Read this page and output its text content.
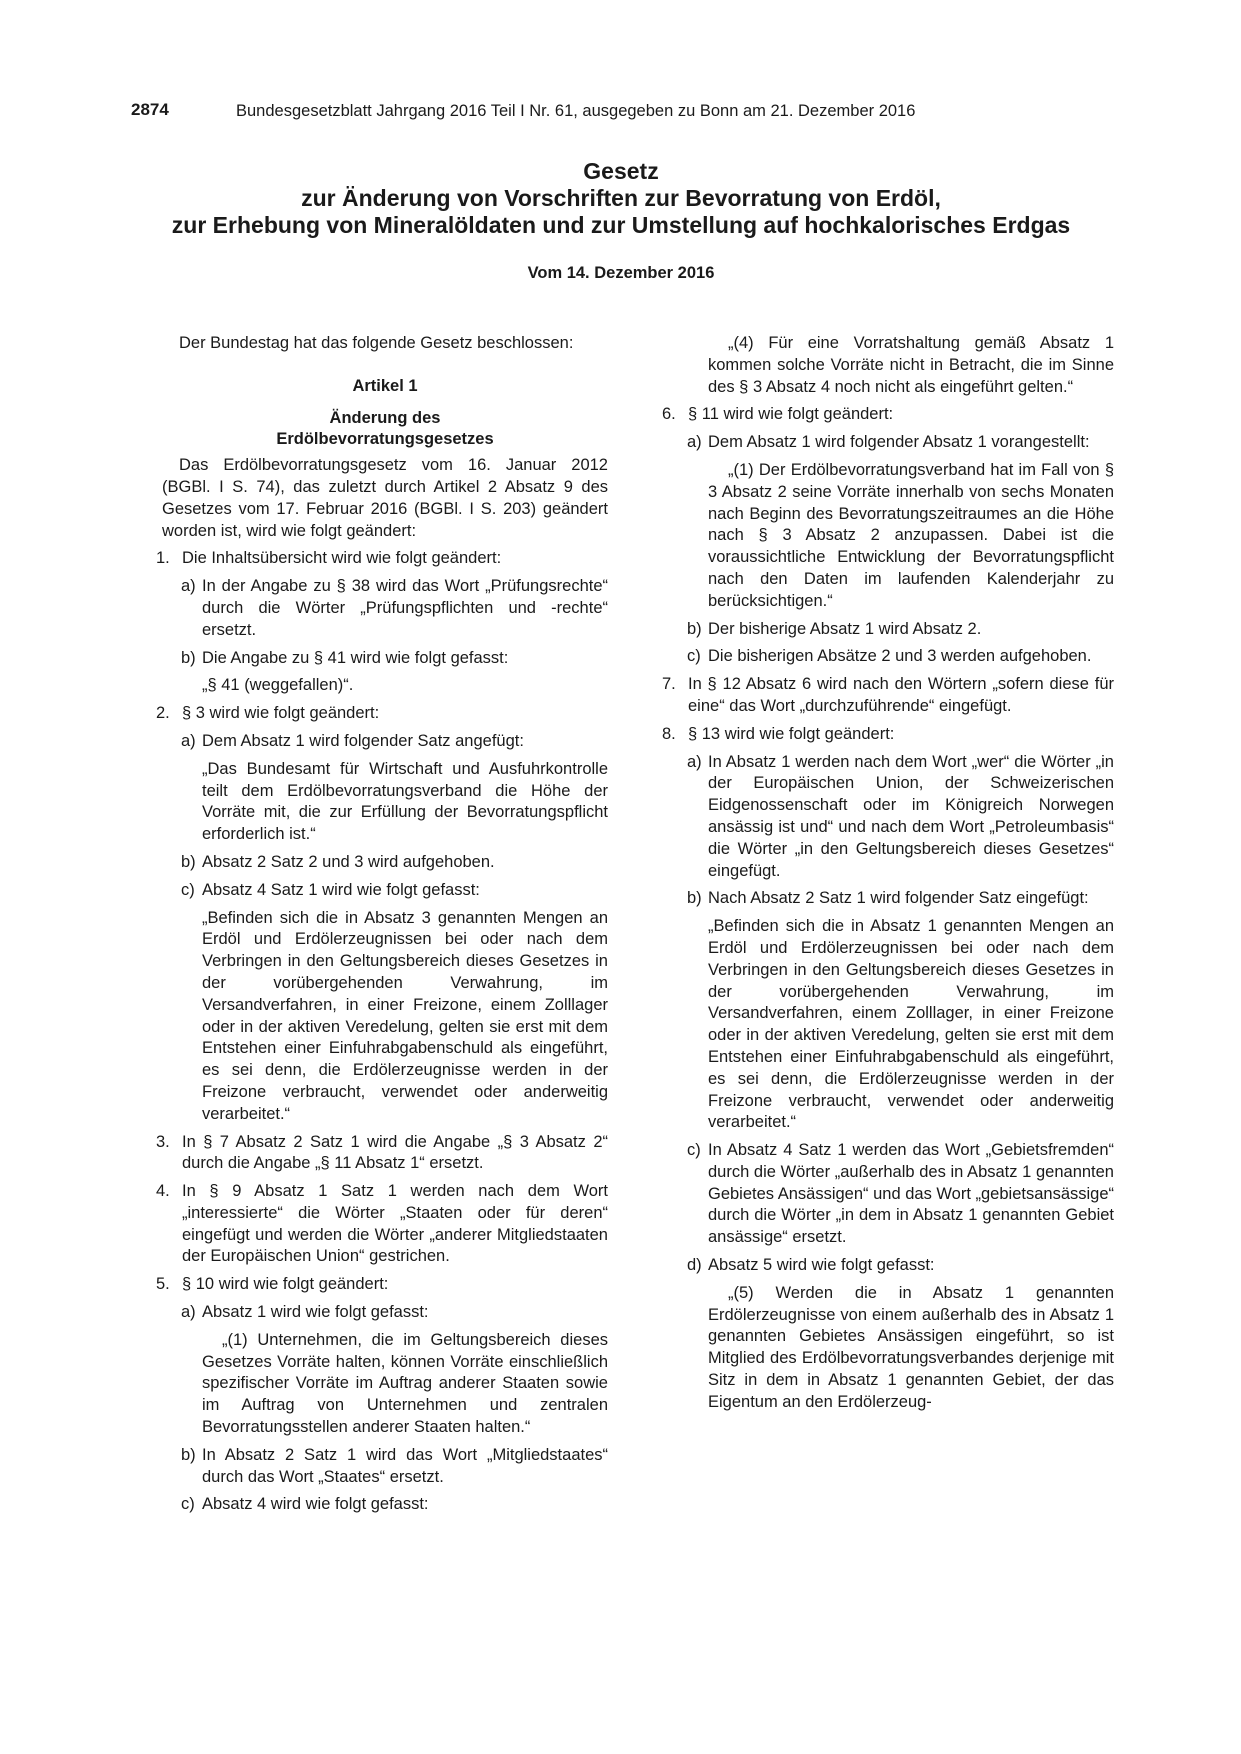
2874	Bundesgesetzblatt Jahrgang 2016 Teil I Nr. 61, ausgegeben zu Bonn am 21. Dezember 2016
Gesetz
zur Änderung von Vorschriften zur Bevorratung von Erdöl,
zur Erhebung von Mineralöldaten und zur Umstellung auf hochkalorisches Erdgas
Vom 14. Dezember 2016
Der Bundestag hat das folgende Gesetz beschlossen:
Artikel 1
Änderung des
Erdölbevorratungsgesetzes
Das Erdölbevorratungsgesetz vom 16. Januar 2012 (BGBl. I S. 74), das zuletzt durch Artikel 2 Absatz 9 des Gesetzes vom 17. Februar 2016 (BGBl. I S. 203) geändert worden ist, wird wie folgt geändert:
1. Die Inhaltsübersicht wird wie folgt geändert:
a) In der Angabe zu § 38 wird das Wort „Prüfungsrechte“ durch die Wörter „Prüfungspflichten und -rechte“ ersetzt.
b) Die Angabe zu § 41 wird wie folgt gefasst:
„§ 41 (weggefallen)“.
2. § 3 wird wie folgt geändert:
a) Dem Absatz 1 wird folgender Satz angefügt:
„Das Bundesamt für Wirtschaft und Ausfuhrkontrolle teilt dem Erdölbevorratungsverband die Höhe der Vorräte mit, die zur Erfüllung der Bevorratungspflicht erforderlich ist.“
b) Absatz 2 Satz 2 und 3 wird aufgehoben.
c) Absatz 4 Satz 1 wird wie folgt gefasst:
„Befinden sich die in Absatz 3 genannten Mengen an Erdöl und Erdölerzeugnissen bei oder nach dem Verbringen in den Geltungsbereich dieses Gesetzes in der vorübergehenden Verwahrung, im Versandverfahren, in einer Freizone, einem Zolllager oder in der aktiven Veredelung, gelten sie erst mit dem Entstehen einer Einfuhrabgabenschuld als eingeführt, es sei denn, die Erdölerzeugnisse werden in der Freizone verbraucht, verwendet oder anderweitig verarbeitet.“
3. In § 7 Absatz 2 Satz 1 wird die Angabe „§ 3 Absatz 2“ durch die Angabe „§ 11 Absatz 1“ ersetzt.
4. In § 9 Absatz 1 Satz 1 werden nach dem Wort „interessierte“ die Wörter „Staaten oder für deren“ eingefügt und werden die Wörter „anderer Mitgliedstaaten der Europäischen Union“ gestrichen.
5. § 10 wird wie folgt geändert:
a) Absatz 1 wird wie folgt gefasst:
„(1) Unternehmen, die im Geltungsbereich dieses Gesetzes Vorräte halten, können Vorräte einschließlich spezifischer Vorräte im Auftrag anderer Staaten sowie im Auftrag von Unternehmen und zentralen Bevorratungsstellen anderer Staaten halten.“
b) In Absatz 2 Satz 1 wird das Wort „Mitgliedstaates“ durch das Wort „Staates“ ersetzt.
c) Absatz 4 wird wie folgt gefasst:
„(4) Für eine Vorratshaltung gemäß Absatz 1 kommen solche Vorräte nicht in Betracht, die im Sinne des § 3 Absatz 4 noch nicht als eingeführt gelten.“
6. § 11 wird wie folgt geändert:
a) Dem Absatz 1 wird folgender Absatz 1 vorangestellt:
„(1) Der Erdölbevorratungsverband hat im Fall von § 3 Absatz 2 seine Vorräte innerhalb von sechs Monaten nach Beginn des Bevorratungszeitraumes an die Höhe nach § 3 Absatz 2 anzupassen. Dabei ist die voraussichtliche Entwicklung der Bevorratungspflicht nach den Daten im laufenden Kalenderjahr zu berücksichtigen.“
b) Der bisherige Absatz 1 wird Absatz 2.
c) Die bisherigen Absätze 2 und 3 werden aufgehoben.
7. In § 12 Absatz 6 wird nach den Wörtern „sofern diese für eine“ das Wort „durchzuführende“ eingefügt.
8. § 13 wird wie folgt geändert:
a) In Absatz 1 werden nach dem Wort „wer“ die Wörter „in der Europäischen Union, der Schweizerischen Eidgenossenschaft oder im Königreich Norwegen ansässig ist und“ und nach dem Wort „Petroleumbasis“ die Wörter „in den Geltungsbereich dieses Gesetzes“ eingefügt.
b) Nach Absatz 2 Satz 1 wird folgender Satz eingefügt:
„Befinden sich die in Absatz 1 genannten Mengen an Erdöl und Erdölerzeugnissen bei oder nach dem Verbringen in den Geltungsbereich dieses Gesetzes in der vorübergehenden Verwahrung, im Versandverfahren, einem Zolllager, in einer Freizone oder in der aktiven Veredelung, gelten sie erst mit dem Entstehen einer Einfuhrabgabenschuld als eingeführt, es sei denn, die Erdölerzeugnisse werden in der Freizone verbraucht, verwendet oder anderweitig verarbeitet.“
c) In Absatz 4 Satz 1 werden das Wort „Gebietsfremden“ durch die Wörter „außerhalb des in Absatz 1 genannten Gebietes Ansässigen“ und das Wort „gebietsansässige“ durch die Wörter „in dem in Absatz 1 genannten Gebiet ansässige“ ersetzt.
d) Absatz 5 wird wie folgt gefasst:
„(5) Werden die in Absatz 1 genannten Erdölerzeugnisse von einem außerhalb des in Absatz 1 genannten Gebietes Ansässigen eingeführt, so ist Mitglied des Erdölbevorratungsverbandes derjenige mit Sitz in dem in Absatz 1 genannten Gebiet, der das Eigentum an den Erdölerzeug-
